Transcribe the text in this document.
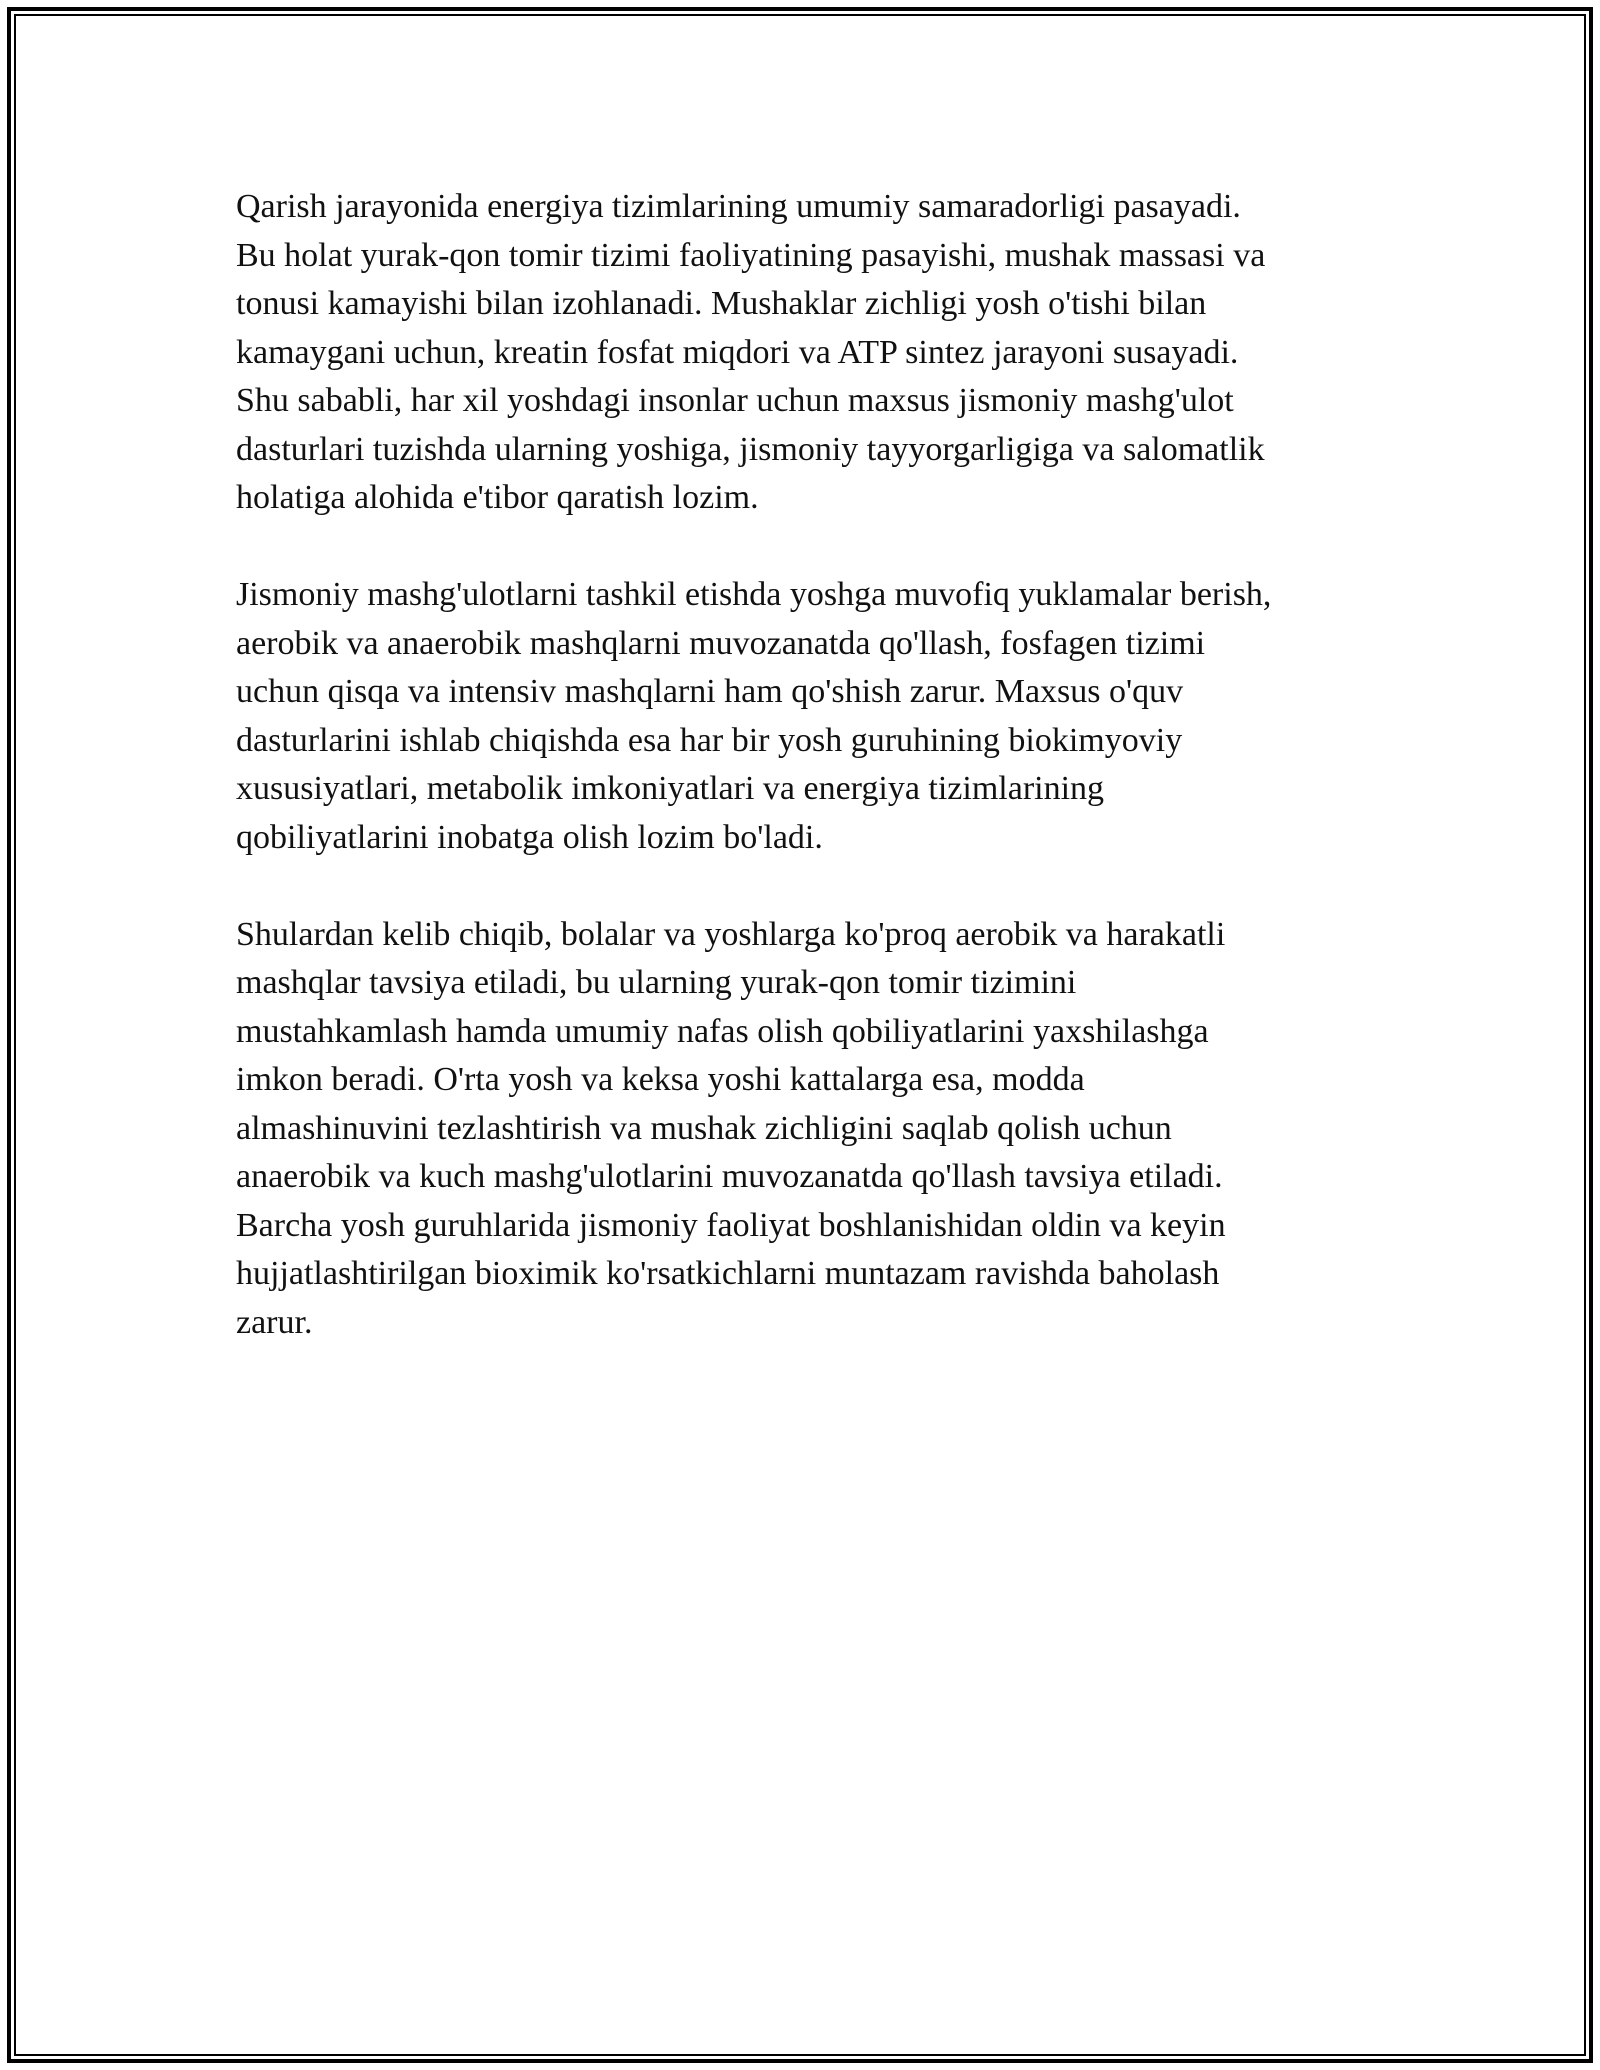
Qarish jarayonida energiya tizimlarining umumiy samaradorligi pasayadi.
Bu holat yurak-qon tomir tizimi faoliyatining pasayishi, mushak massasi va
tonusi kamayishi bilan izohlanadi. Mushaklar zichligi yosh o'tishi bilan
kamaygani uchun, kreatin fosfat miqdori va ATP sintez jarayoni susayadi.
Shu sababli, har xil yoshdagi insonlar uchun maxsus jismoniy mashg'ulot
dasturlari tuzishda ularning yoshiga, jismoniy tayyorgarligiga va salomatlik
holatiga alohida e'tibor qaratish lozim.

Jismoniy mashg'ulotlarni tashkil etishda yoshga muvofiq yuklamalar berish,
aerobik va anaerobik mashqlarni muvozanatda qo'llash, fosfagen tizimi
uchun qisqa va intensiv mashqlarni ham qo'shish zarur. Maxsus o'quv
dasturlarini ishlab chiqishda esa har bir yosh guruhining biokimyoviy
xususiyatlari, metabolik imkoniyatlari va energiya tizimlarining
qobiliyatlarini inobatga olish lozim bo'ladi.

Shulardan kelib chiqib, bolalar va yoshlarga ko'proq aerobik va harakatli
mashqlar tavsiya etiladi, bu ularning yurak-qon tomir tizimini
mustahkamlash hamda umumiy nafas olish qobiliyatlarini yaxshilashga
imkon beradi. O'rta yosh va keksa yoshi kattalarga esa, modda
almashinuvini tezlashtirish va mushak zichligini saqlab qolish uchun
anaerobik va kuch mashg'ulotlarini muvozanatda qo'llash tavsiya etiladi.
Barcha yosh guruhlarida jismoniy faoliyat boshlanishidan oldin va keyin
hujjatlashtirilgan bioximik ko'rsatkichlarni muntazam ravishda baholash
zarur.
